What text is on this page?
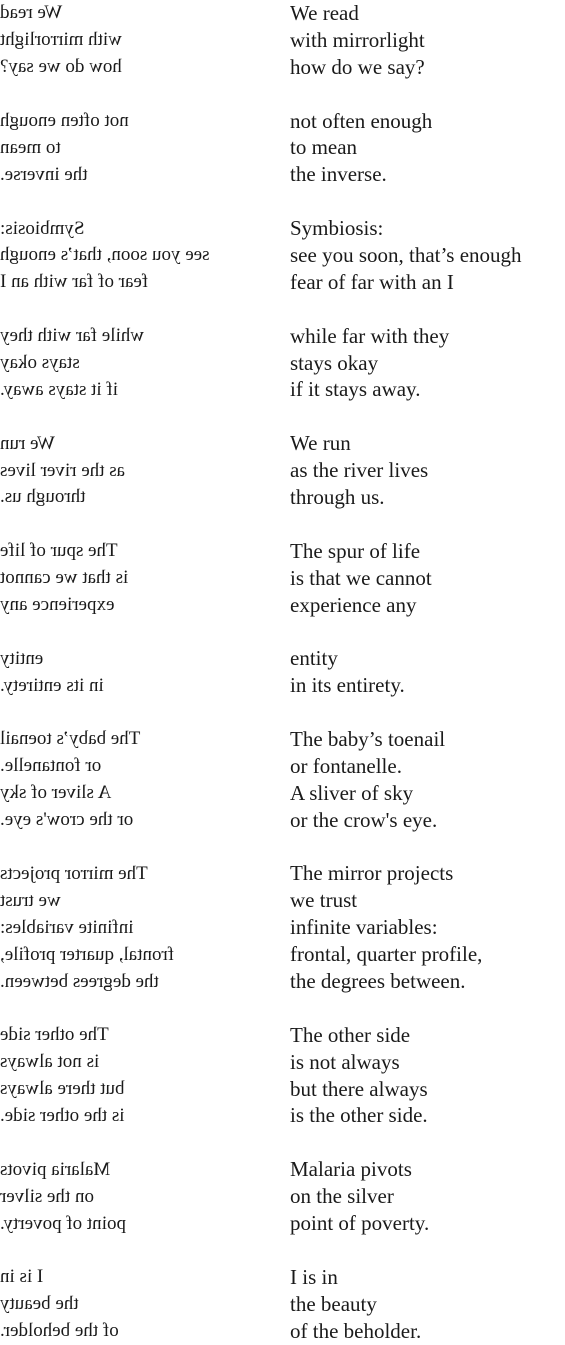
We read	We read
with mirrorlight	with mirrorlight
how do we say?	how do we say?
not often enough	not often enough
to mean	to mean
the inverse.	the inverse.
Symbiosis:	Symbiosis:
see you soon, that’s enough	see you soon, that’s enough
fear of far with an I	fear of far with an I
while far with they	while far with they
stays okay	stays okay
if it stays away.	if it stays away.
We run	We run
as the river lives	as the river lives
through us.	through us.
The spur of life	The spur of life
is that we cannot	is that we cannot
experience any	experience any
entity	entity
in its entirety.	in its entirety.
The baby’s toenail	The baby’s toenail
or fontanelle.	or fontanelle.
A sliver of sky	A sliver of sky
or the crow's eye.	or the crow's eye.
The mirror projects	The mirror projects
we trust	we trust
infinite variables:	infinite variables:
frontal, quarter profile,	frontal, quarter profile,
the degrees between.	the degrees between.
The other side	The other side
is not always	is not always
but there always	but there always
is the other side.	is the other side.
Malaria pivots	Malaria pivots
on the silver	on the silver
point of poverty.	point of poverty.
I is in	I is in
the beauty	the beauty
of the beholder.	of the beholder.
